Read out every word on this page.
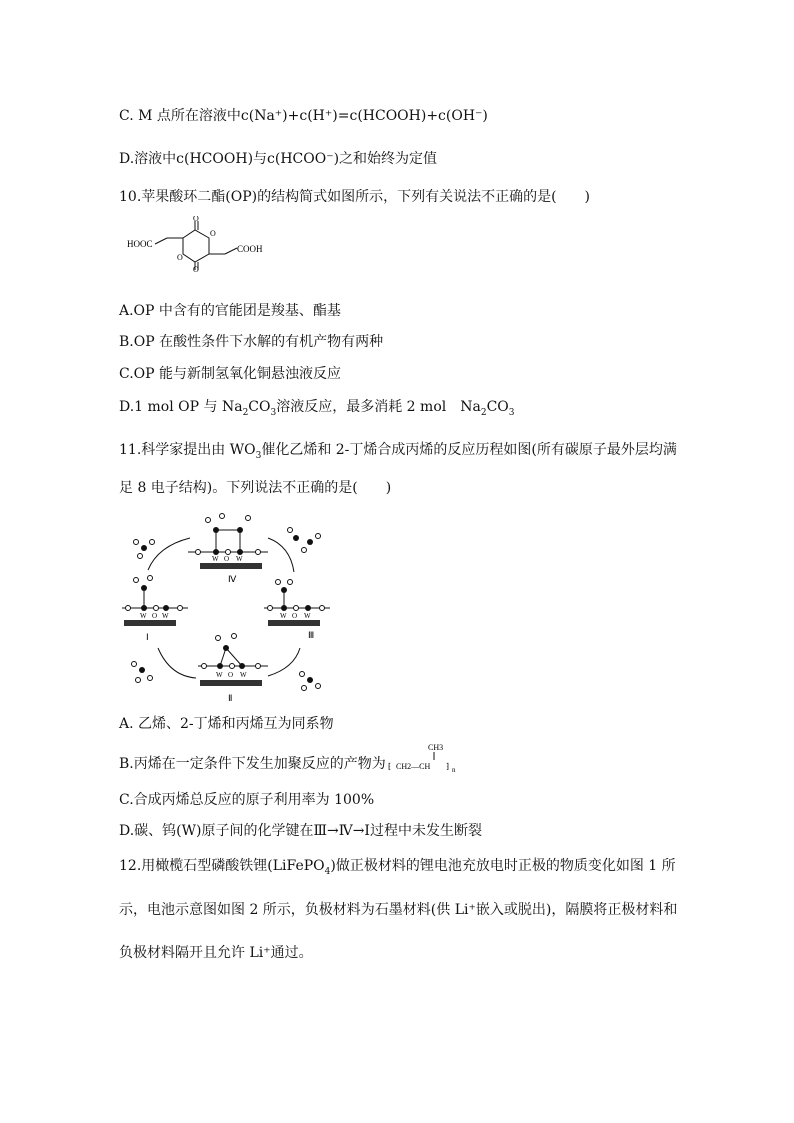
C. M 点所在溶液中c(Na⁺)+c(H⁺)=c(HCOOH)+c(OH⁻)
D.溶液中c(HCOOH)与c(HCOO⁻)之和始终为定值
10.苹果酸环二酯(OP)的结构简式如图所示，下列有关说法不正确的是(　　)
HOOC
O
O
O
O
COOH
A.OP 中含有的官能团是羧基、酯基
B.OP 在酸性条件下水解的有机产物有两种
C.OP 能与新制氢氧化铜悬浊液反应
D.1 mol OP 与 $Na_2CO_3$溶液反应，最多消耗 2 mol　$Na_2CO_3$
11.科学家提出由 $WO_3$催化乙烯和 2-丁烯合成丙烯的反应历程如图(所有碳原子最外层均满
足 8 电子结构)。下列说法不正确的是(　　)
W O W
Ⅳ
W O W
Ⅰ
W O W
Ⅲ
W O W
Ⅱ
A. 乙烯、2-丁烯和丙烯互为同系物
B.丙烯在一定条件下发生加聚反应的产物为
CH3
⁅ CH2—CH ⁆ n
C.合成丙烯总反应的原子利用率为 100%
D.碳、钨(W)原子间的化学键在Ⅲ→Ⅳ→Ⅰ过程中未发生断裂
12.用橄榄石型磷酸铁锂(LiFePO$_4$)做正极材料的锂电池充放电时正极的物质变化如图 1 所
示，电池示意图如图 2 所示，负极材料为石墨材料(供 Li⁺嵌入或脱出)，隔膜将正极材料和
负极材料隔开且允许 Li⁺通过。
